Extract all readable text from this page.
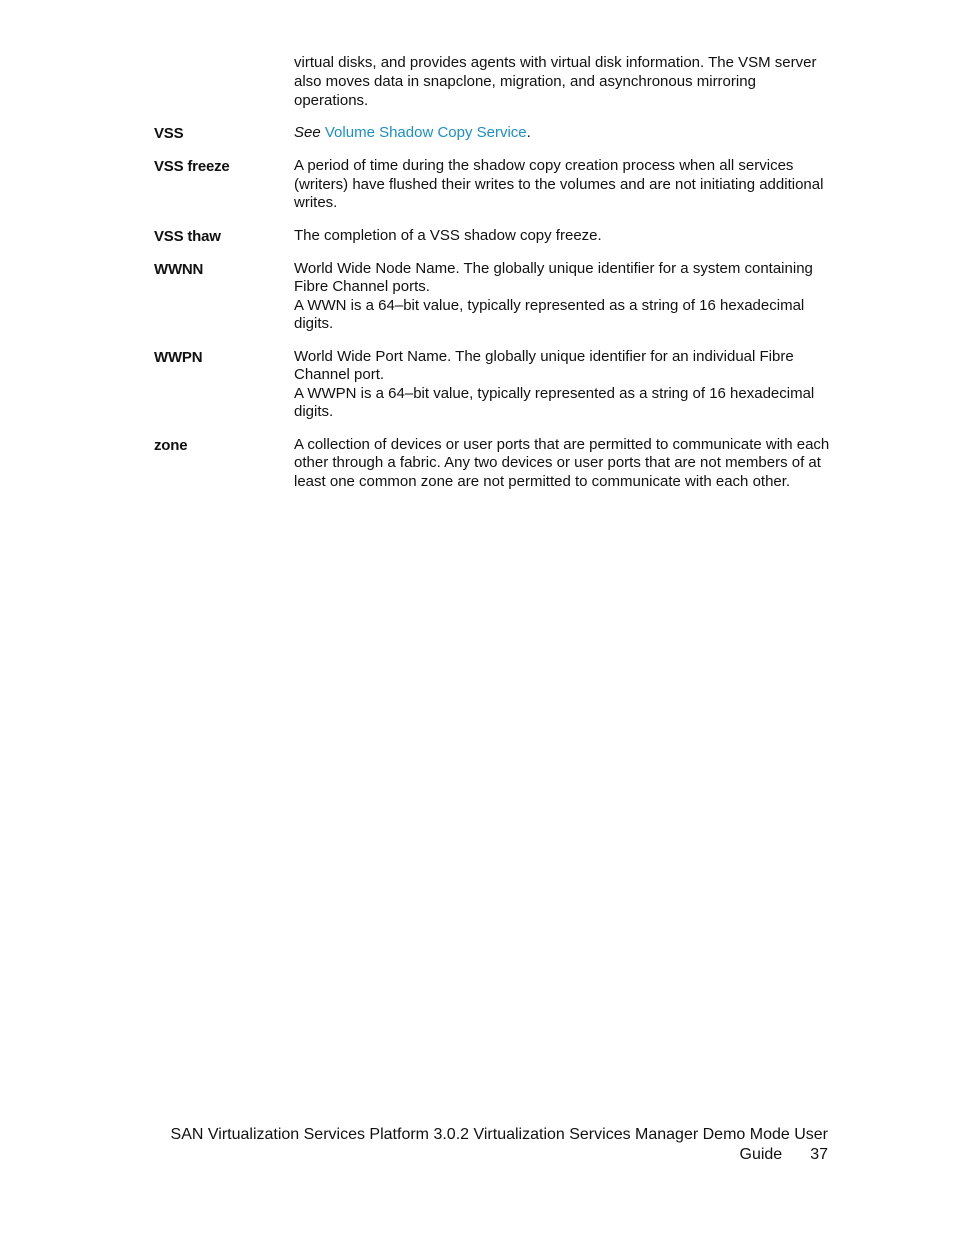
virtual disks, and provides agents with virtual disk information. The VSM server also moves data in snapclone, migration, and asynchronous mirroring operations.
VSS	See Volume Shadow Copy Service.

VSS freeze	A period of time during the shadow copy creation process when all services (writers) have flushed their writes to the volumes and are not initiating additional writes.

VSS thaw	The completion of a VSS shadow copy freeze.

WWNN	World Wide Node Name. The globally unique identifier for a system containing Fibre Channel ports.

A WWN is a 64–bit value, typically represented as a string of 16 hexadecimal digits.

WWPN	World Wide Port Name. The globally unique identifier for an individual Fibre Channel port.

A WWPN is a 64–bit value, typically represented as a string of 16 hexadecimal digits.

zone	A collection of devices or user ports that are permitted to communicate with each other through a fabric. Any two devices or user ports that are not members of at least one common zone are not permitted to communicate with each other.

SAN Virtualization Services Platform 3.0.2 Virtualization Services Manager Demo Mode User
Guide 37
